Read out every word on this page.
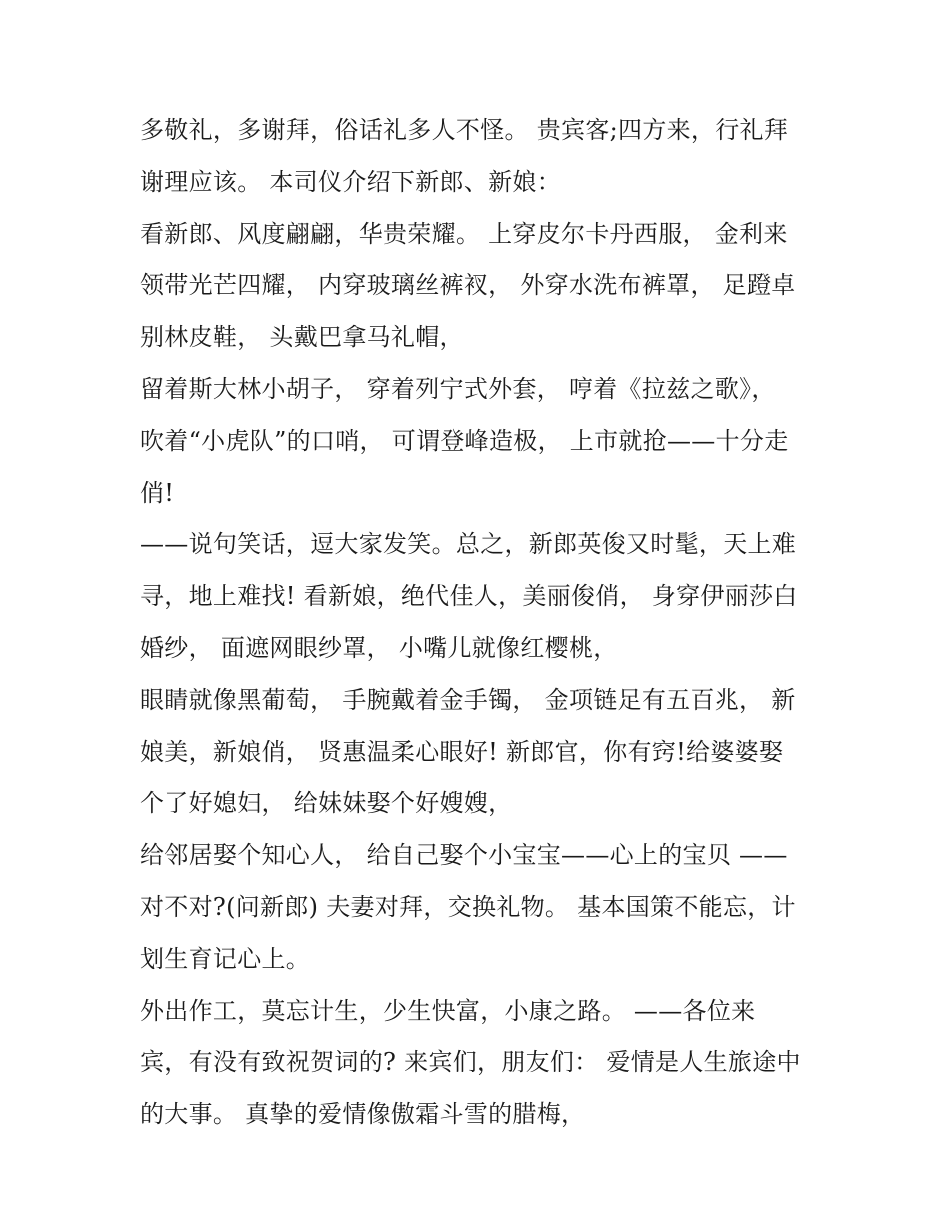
多敬礼，多谢拜，俗话礼多人不怪。 贵宾客;四方来，行礼拜
谢理应该。 本司仪介绍下新郎、新娘：
看新郎、风度翩翩，华贵荣耀。 上穿皮尔卡丹西服， 金利来
领带光芒四耀， 内穿玻璃丝裤衩， 外穿水洗布裤罩， 足蹬卓
别林皮鞋， 头戴巴拿马礼帽，
留着斯大林小胡子， 穿着列宁式外套， 哼着《拉兹之歌》，
吹着“小虎队”的口哨， 可谓登峰造极， 上市就抢——十分走
俏!
——说句笑话，逗大家发笑。总之，新郎英俊又时髦，天上难
寻，地上难找! 看新娘，绝代佳人，美丽俊俏， 身穿伊丽莎白
婚纱， 面遮网眼纱罩， 小嘴儿就像红樱桃，
眼睛就像黑葡萄， 手腕戴着金手镯， 金项链足有五百兆， 新
娘美，新娘俏， 贤惠温柔心眼好! 新郎官，你有窍!给婆婆娶
个了好媳妇， 给妹妹娶个好嫂嫂，
给邻居娶个知心人， 给自己娶个小宝宝——心上的宝贝 ——
对不对?(问新郎) 夫妻对拜，交换礼物。 基本国策不能忘，计
划生育记心上。
外出作工，莫忘计生，少生快富，小康之路。 ——各位来
宾，有没有致祝贺词的? 来宾们，朋友们： 爱情是人生旅途中
的大事。 真挚的爱情像傲霜斗雪的腊梅，
